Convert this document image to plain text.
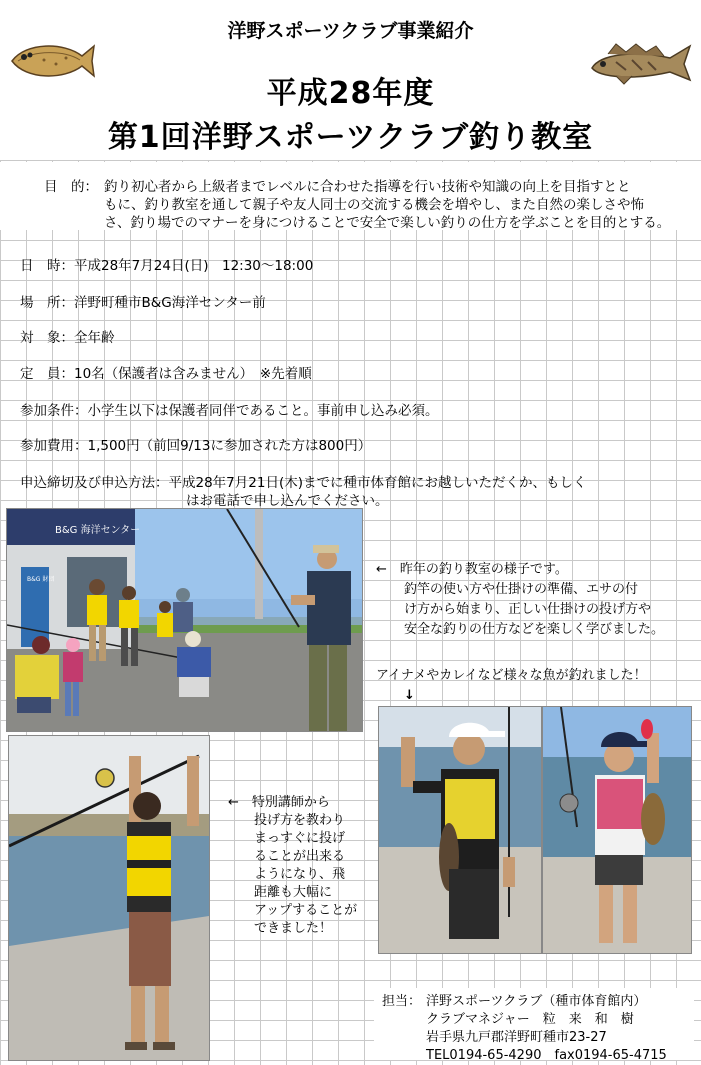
洋野スポーツクラブ事業紹介
平成28年度
第1回洋野スポーツクラブ釣り教室
目　的： 釣り初心者から上級者までレベルに合わせた指導を行い技術や知識の向上を目指すとと
もに、釣り教室を通して親子や友人同士の交流する機会を増やし、また自然の楽しさや怖
さ、釣り場でのマナーを身につけることで安全で楽しい釣りの仕方を学ぶことを目的とする。
日　時：平成28年7月24日(日)　12:30〜18:00
場　所：洋野町種市B&G海洋センター前
対　象：全年齢
定　員：10名（保護者は含みません）　※先着順
参加条件：小学生以下は保護者同伴であること。事前申し込み必須。
参加費用：1,500円（前回9/13に参加された方は800円）
申込締切及び申込方法：平成28年7月21日(木)までに種市体育館にお越しいただくか、もしく
はお電話で申し込んでください。
B&G 海洋センター
B&G 財団
←　昨年の釣り教室の様子です。
釣竿の使い方や仕掛けの準備、エサの付
け方から始まり、正しい仕掛けの投げ方や
安全な釣りの仕方などを楽しく学びました。
アイナメやカレイなど様々な魚が釣れました！
↓
←　特別講師から
投げ方を教わり
まっすぐに投げ
ることが出来る
ようになり、飛
距離も大幅に
アップすることが
できました！
担当： 洋野スポーツクラブ（種市体育館内）
クラブマネジャー　粒　来　和　樹
岩手県九戸郡洋野町種市23-27
TEL0194-65-4290　fax0194-65-4715
